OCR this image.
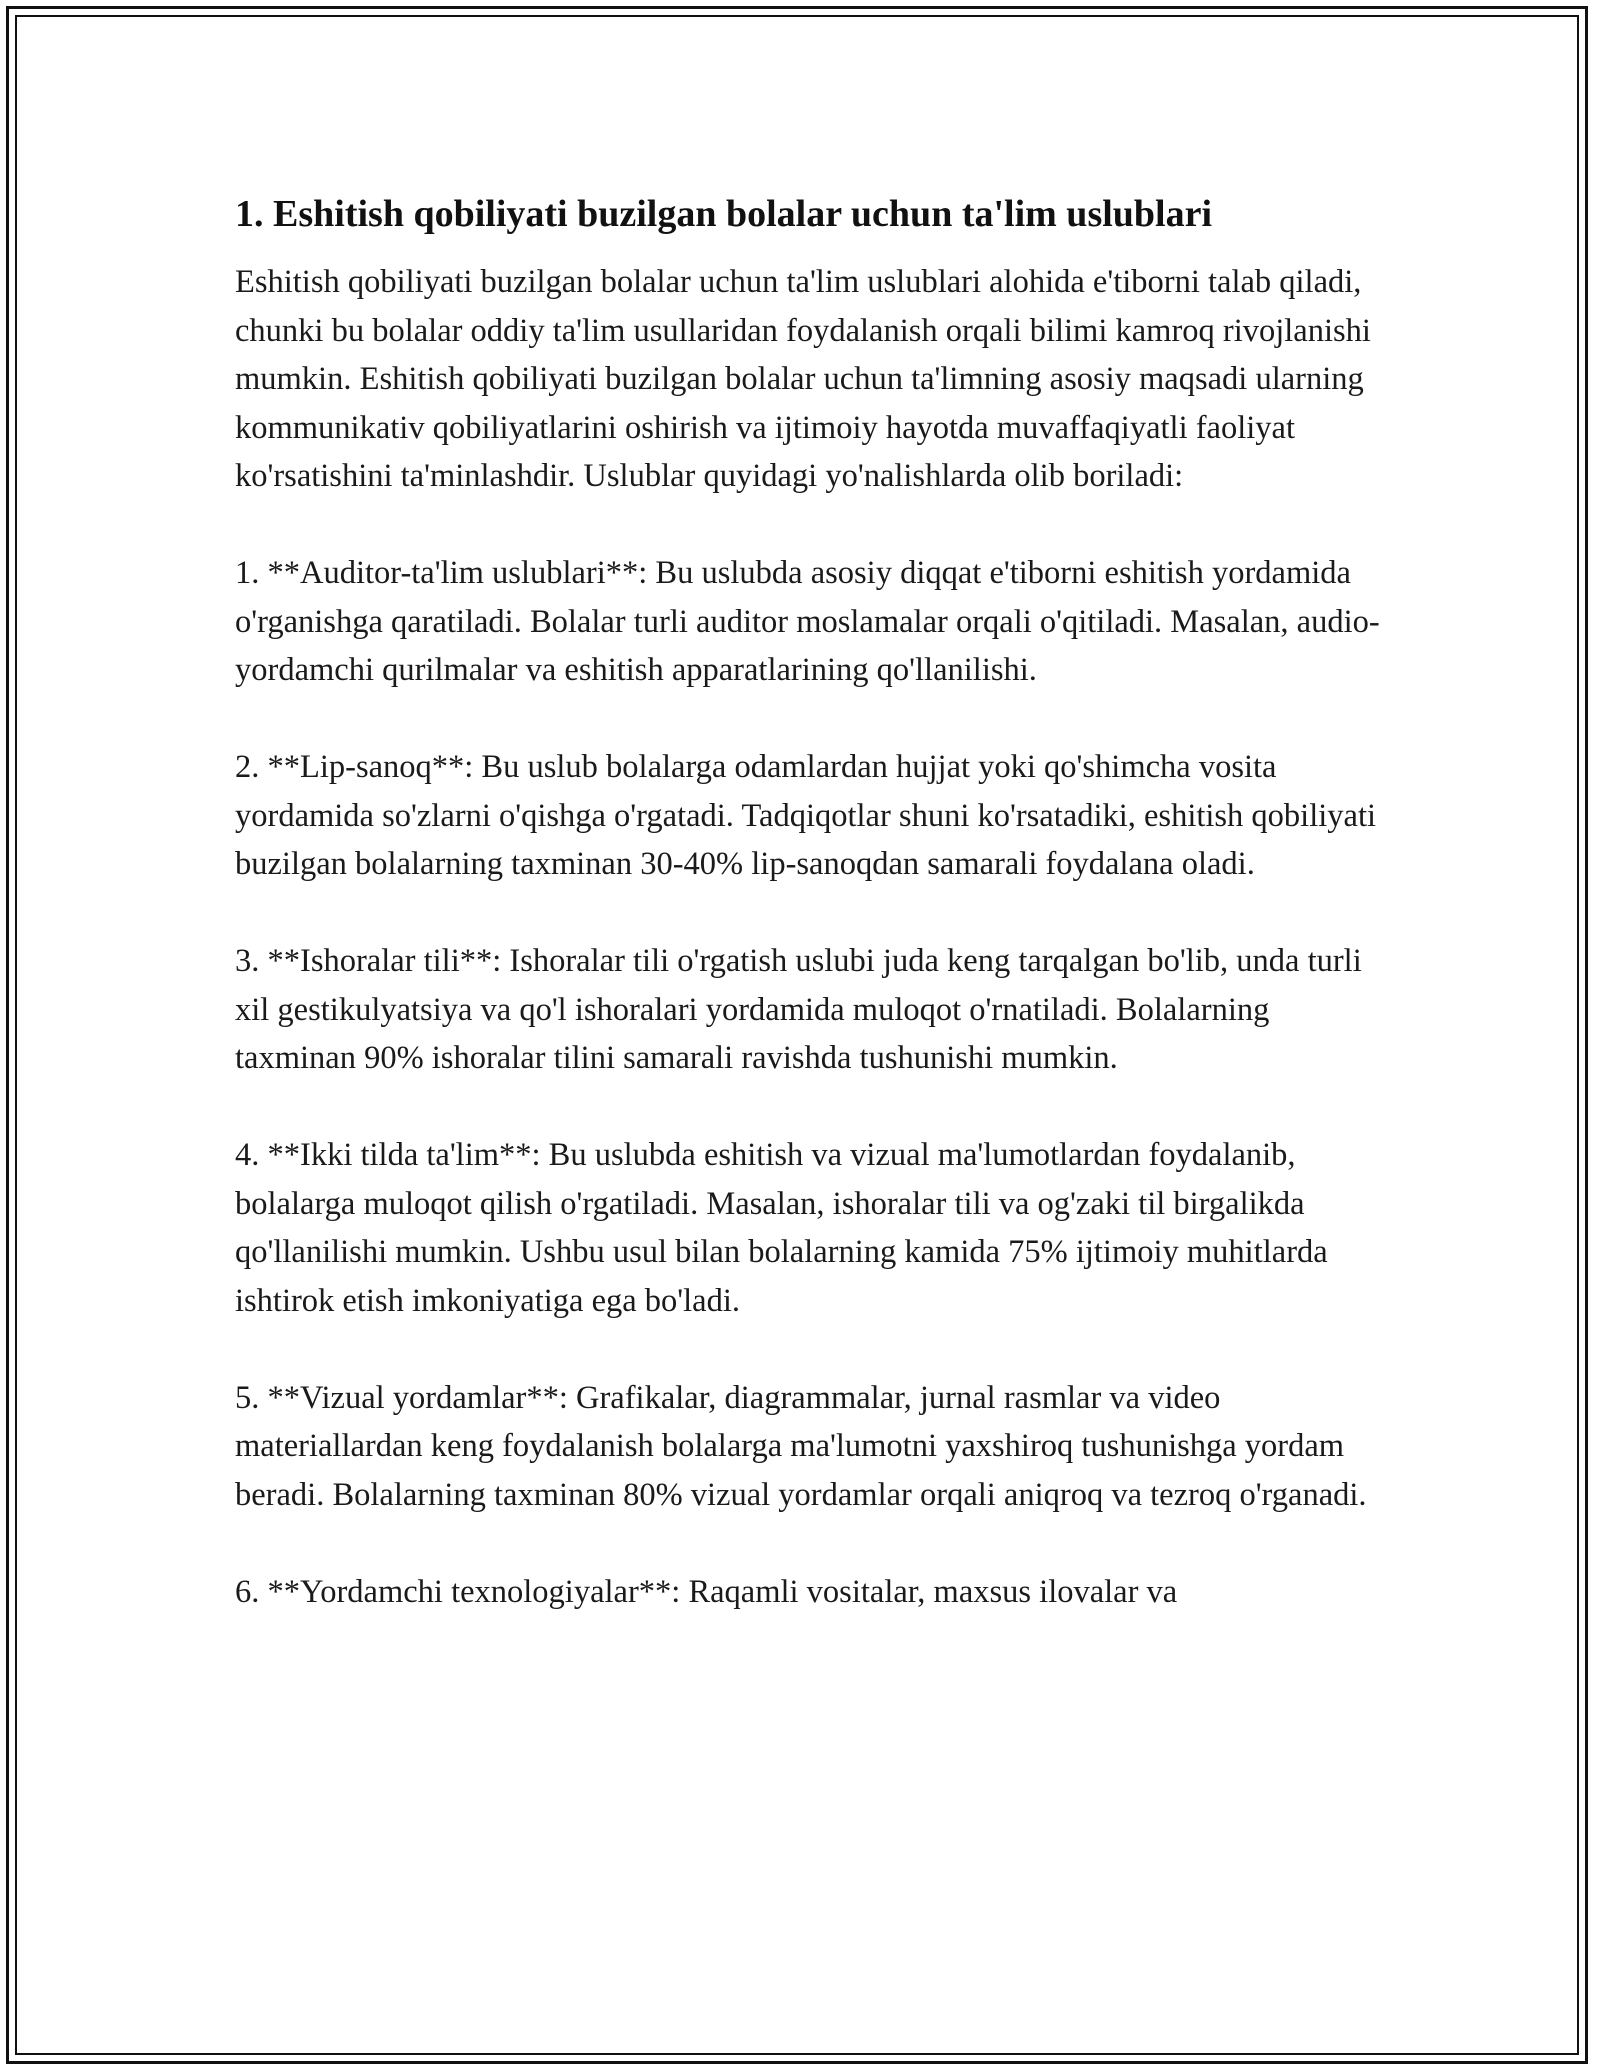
1. Eshitish qobiliyati buzilgan bolalar uchun ta'lim uslublari

Eshitish qobiliyati buzilgan bolalar uchun ta'lim uslublari alohida e'tiborni talab qiladi, chunki bu bolalar oddiy ta'lim usullaridan foydalanish orqali bilimi kamroq rivojlanishi mumkin. Eshitish qobiliyati buzilgan bolalar uchun ta'limning asosiy maqsadi ularning kommunikativ qobiliyatlarini oshirish va ijtimoiy hayotda muvaffaqiyatli faoliyat ko'rsatishini ta'minlashdir. Uslublar quyidagi yo'nalishlarda olib boriladi:

1. **Auditor-ta'lim uslublari**: Bu uslubda asosiy diqqat e'tiborni eshitish yordamida o'rganishga qaratiladi. Bolalar turli auditor moslamalar orqali o'qitiladi. Masalan, audio-yordamchi qurilmalar va eshitish apparatlarining qo'llanilishi.

2. **Lip-sanoq**: Bu uslub bolalarga odamlardan hujjat yoki qo'shimcha vosita yordamida so'zlarni o'qishga o'rgatadi. Tadqiqotlar shuni ko'rsatadiki, eshitish qobiliyati buzilgan bolalarning taxminan 30-40% lip-sanoqdan samarali foydalana oladi.

3. **Ishoralar tili**: Ishoralar tili o'rgatish uslubi juda keng tarqalgan bo'lib, unda turli xil gestikulyatsiya va qo'l ishoralari yordamida muloqot o'rnatiladi. Bolalarning taxminan 90% ishoralar tilini samarali ravishda tushunishi mumkin.

4. **Ikki tilda ta'lim**: Bu uslubda eshitish va vizual ma'lumotlardan foydalanib, bolalarga muloqot qilish o'rgatiladi. Masalan, ishoralar tili va og'zaki til birgalikda qo'llanilishi mumkin. Ushbu usul bilan bolalarning kamida 75% ijtimoiy muhitlarda ishtirok etish imkoniyatiga ega bo'ladi.

5. **Vizual yordamlar**: Grafikalar, diagrammalar, jurnal rasmlar va video materiallardan keng foydalanish bolalarga ma'lumotni yaxshiroq tushunishga yordam beradi. Bolalarning taxminan 80% vizual yordamlar orqali aniqroq va tezroq o'rganadi.

6. **Yordamchi texnologiyalar**: Raqamli vositalar, maxsus ilovalar va
